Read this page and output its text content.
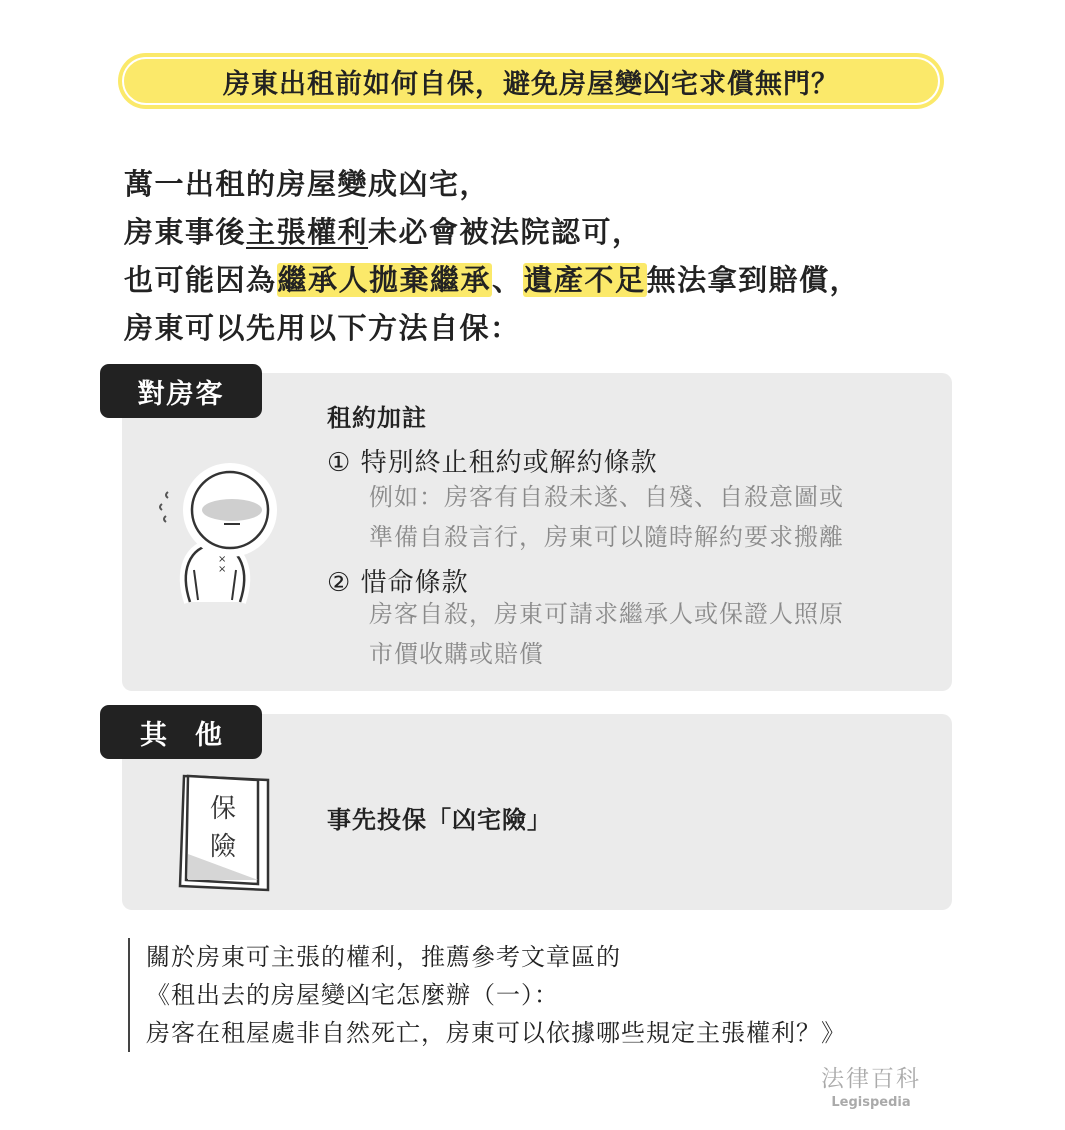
房東出租前如何自保，避免房屋變凶宅求償無門？
萬一出租的房屋變成凶宅，
房東事後主張權利未必會被法院認可，
也可能因為繼承人拋棄繼承、遺產不足無法拿到賠償，
房東可以先用以下方法自保：
對房客
×
×
租約加註
① 特別終止租約或解約條款
例如：房客有自殺未遂、自殘、自殺意圖或
準備自殺言行，房東可以隨時解約要求搬離
② 惜命條款
房客自殺，房東可請求繼承人或保證人照原
市價收購或賠償
其他
保
險
事先投保「凶宅險」
關於房東可主張的權利，推薦參考文章區的
《租出去的房屋變凶宅怎麼辦（一）：
房客在租屋處非自然死亡，房東可以依據哪些規定主張權利？》
法律百科
Legispedia
